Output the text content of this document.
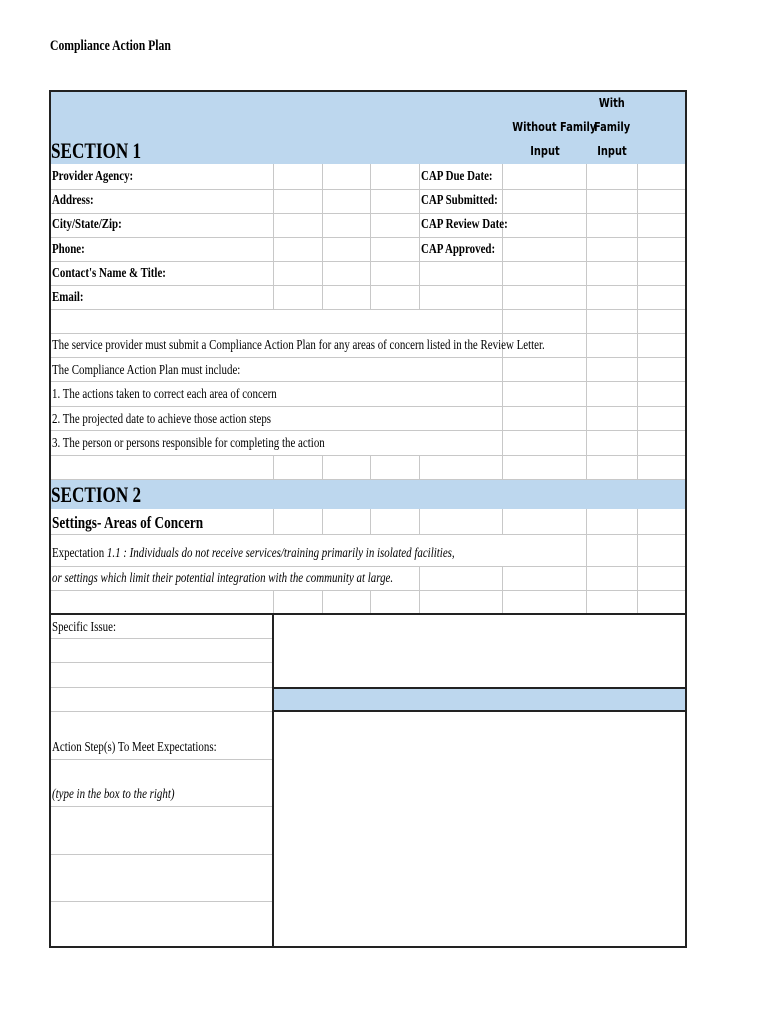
Compliance Action Plan
SECTION 1
Without Family
Input
With
Family
Input
Provider Agency:
Address:
City/State/Zip:
Phone:
Contact's Name & Title:
Email:
CAP Due Date:
CAP Submitted:
CAP Review Date:
CAP Approved:
The service provider must submit a Compliance Action Plan for any areas of concern listed in the Review Letter.
The Compliance Action Plan must include:
1. The actions taken to correct each area of concern
2. The projected date to achieve those action steps
3. The person or persons responsible for completing the action
SECTION 2
Settings- Areas of Concern
Expectation 1.1 : Individuals do not receive services/training primarily in isolated facilities,
or settings which limit their potential integration with the community at large.
Specific Issue:
Action Step(s) To Meet Expectations:
(type in the box to the right)
